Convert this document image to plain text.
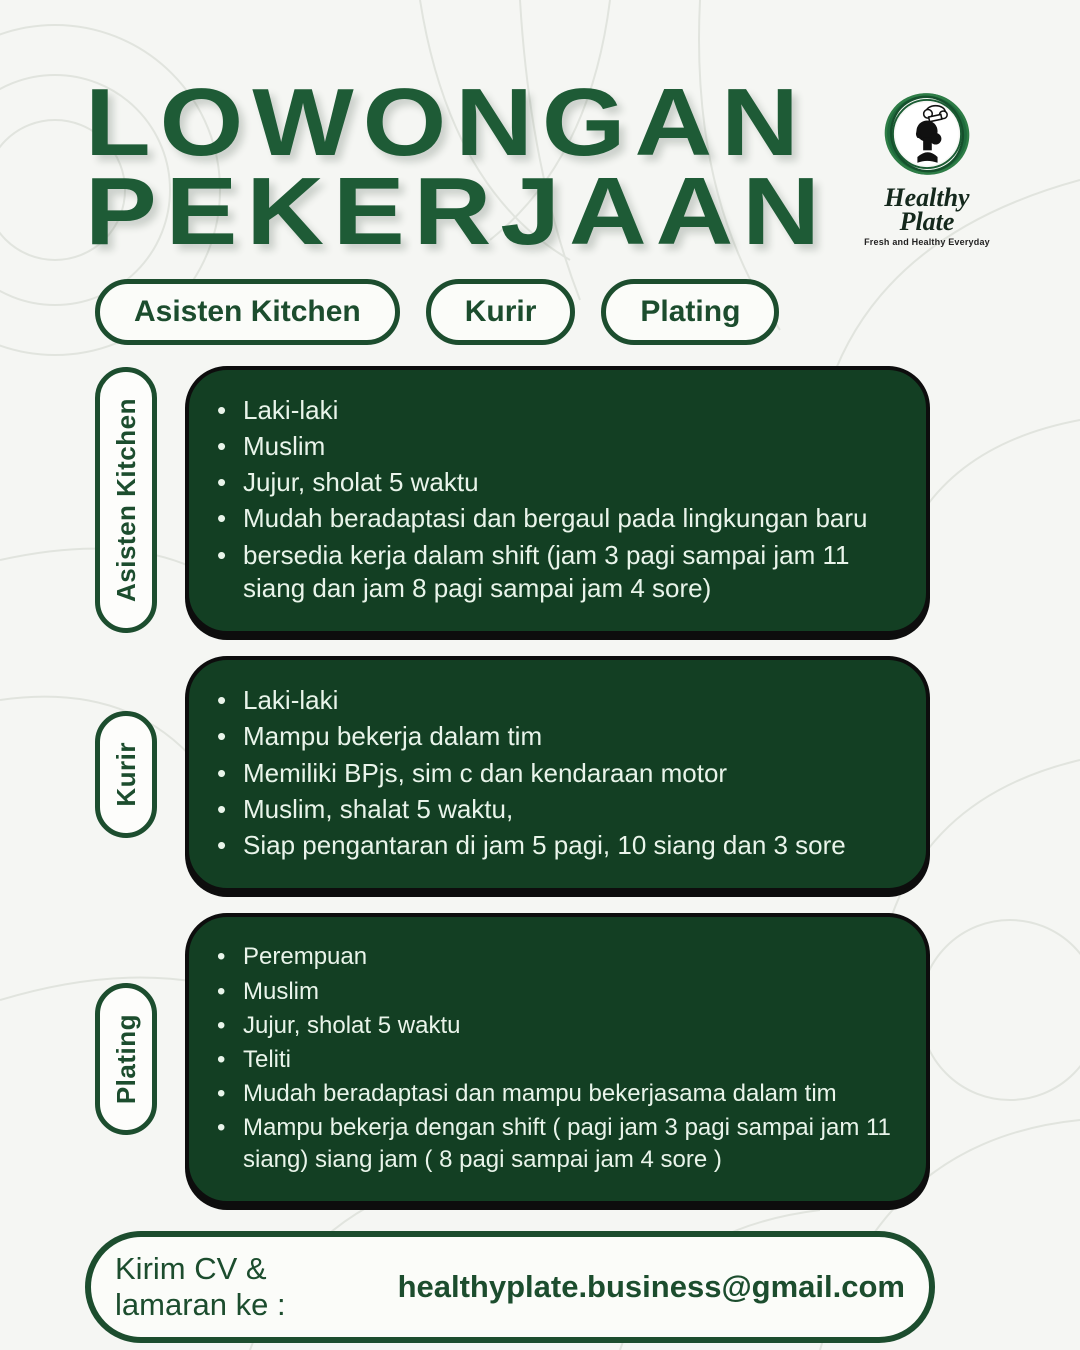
LOWONGAN
PEKERJAAN	Healthy
Plate
Fresh and Healthy Everyday
Asisten Kitchen	Kurir	Plating
Asisten Kitchen	• Laki-laki
• Muslim
• Jujur, sholat 5 waktu
• Mudah beradaptasi dan bergaul pada lingkungan baru
• bersedia kerja dalam shift (jam 3 pagi sampai jam 11 siang dan jam 8 pagi sampai jam 4 sore)
Kurir
• Laki-laki
• Mampu bekerja dalam tim
• Memiliki BPjs, sim c dan kendaraan motor
• Muslim, shalat 5 waktu,
• Siap pengantaran di jam 5 pagi, 10 siang dan 3 sore
Plating
• Perempuan
• Muslim
• Jujur, sholat 5 waktu
• Teliti
• Mudah beradaptasi dan mampu bekerjasama dalam tim
• Mampu bekerja dengan shift ( pagi jam 3 pagi sampai jam 11 siang) siang jam ( 8 pagi sampai jam 4 sore )
Kirim CV & lamaran ke :
healthyplate.business@gmail.com
